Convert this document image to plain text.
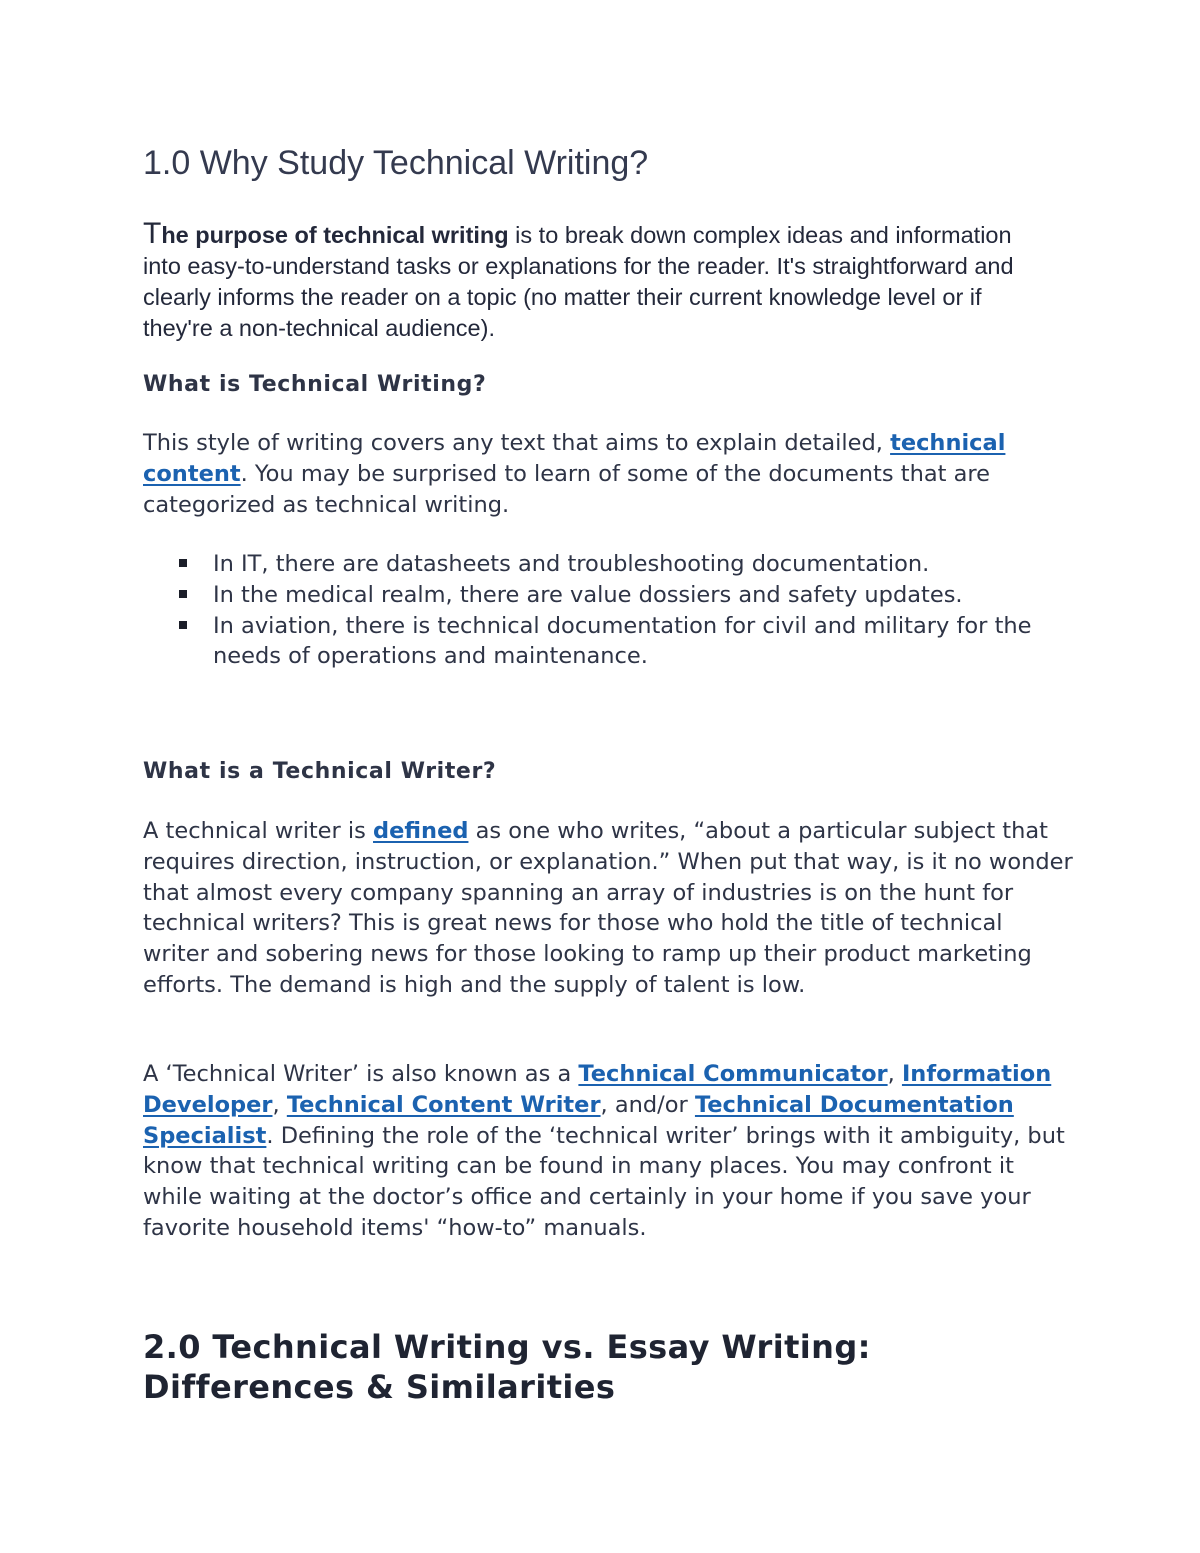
1.0 Why Study Technical Writing?

The purpose of technical writing is to break down complex ideas and information into easy-to-understand tasks or explanations for the reader. It's straightforward and clearly informs the reader on a topic (no matter their current knowledge level or if they're a non-technical audience).

What is Technical Writing?

This style of writing covers any text that aims to explain detailed, technical content. You may be surprised to learn of some of the documents that are categorized as technical writing.

In IT, there are datasheets and troubleshooting documentation.
In the medical realm, there are value dossiers and safety updates.
In aviation, there is technical documentation for civil and military for the needs of operations and maintenance.
What is a Technical Writer?

A technical writer is defined as one who writes, “about a particular subject that requires direction, instruction, or explanation.” When put that way, is it no wonder that almost every company spanning an array of industries is on the hunt for technical writers? This is great news for those who hold the title of technical writer and sobering news for those looking to ramp up their product marketing efforts. The demand is high and the supply of talent is low.

A ‘Technical Writer’ is also known as a Technical Communicator, Information Developer, Technical Content Writer, and/or Technical Documentation Specialist. Defining the role of the ‘technical writer’ brings with it ambiguity, but know that technical writing can be found in many places. You may confront it while waiting at the doctor’s office and certainly in your home if you save your favorite household items' “how-to” manuals.

2.0 Technical Writing vs. Essay Writing: Differences & Similarities
